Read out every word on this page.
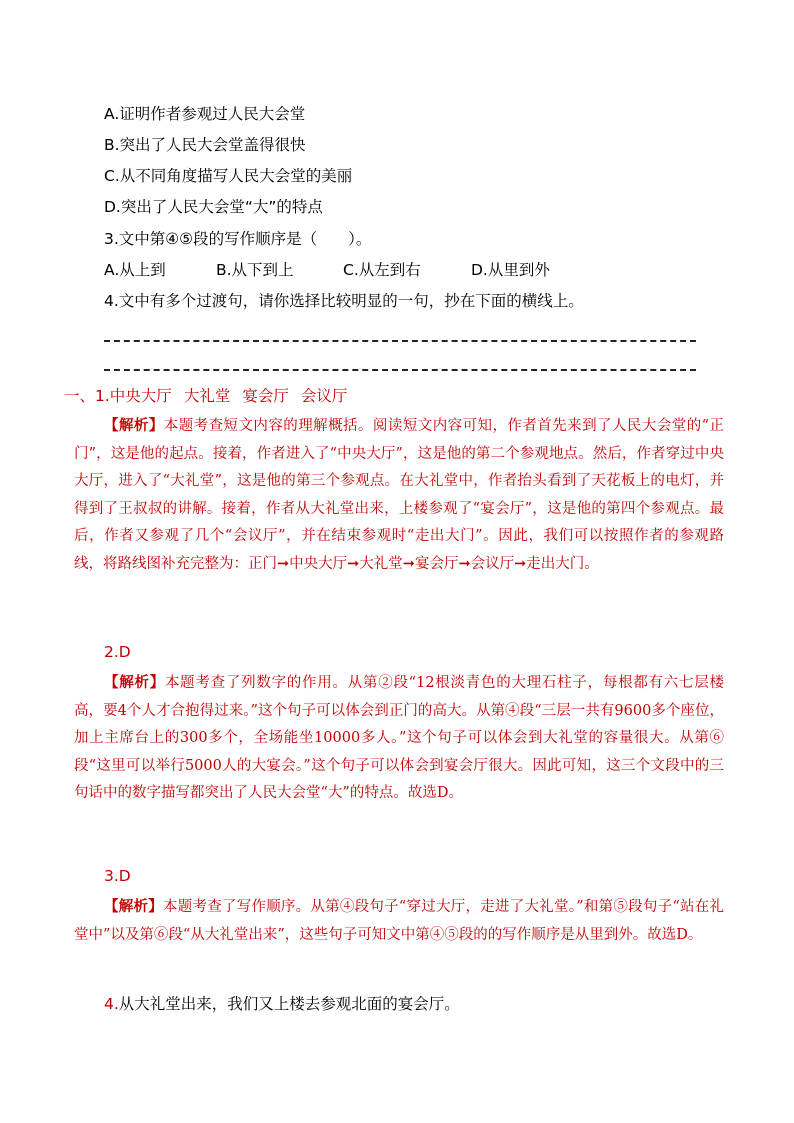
A.证明作者参观过人民大会堂
B.突出了人民大会堂盖得很快
C.从不同角度描写人民大会堂的美丽
D.突出了人民大会堂“大”的特点
3.文中第④⑤段的写作顺序是（　　）。
A.从上到	B.从下到上	C.从左到右	D.从里到外
4.文中有多个过渡句，请你选择比较明显的一句，抄在下面的横线上。
一、1.中央大厅 大礼堂 宴会厅 会议厅
【解析】本题考查短文内容的理解概括。阅读短文内容可知，作者首先来到了人民大会堂的“正门”，这是他的起点。接着，作者进入了“中央大厅”，这是他的第二个参观地点。然后，作者穿过中央大厅，进入了“大礼堂”，这是他的第三个参观点。在大礼堂中，作者抬头看到了天花板上的电灯，并得到了王叔叔的讲解。接着，作者从大礼堂出来，上楼参观了“宴会厅”，这是他的第四个参观点。最后，作者又参观了几个“会议厅”，并在结束参观时“走出大门”。因此，我们可以按照作者的参观路线，将路线图补充完整为：正门➞中央大厅➞大礼堂➞宴会厅➞会议厅➞走出大门。
2.D
【解析】本题考查了列数字的作用。从第②段“12根淡青色的大理石柱子，每根都有六七层楼高，要4个人才合抱得过来。”这个句子可以体会到正门的高大。从第④段“三层一共有9600多个座位，加上主席台上的300多个，全场能坐10000多人。”这个句子可以体会到大礼堂的容量很大。从第⑥段“这里可以举行5000人的大宴会。”这个句子可以体会到宴会厅很大。因此可知，这三个文段中的三句话中的数字描写都突出了人民大会堂“大”的特点。故选D。
3.D
【解析】本题考查了写作顺序。从第④段句子“穿过大厅，走进了大礼堂。”和第⑤段句子“站在礼堂中”以及第⑥段“从大礼堂出来”，这些句子可知文中第④⑤段的的写作顺序是从里到外。故选D。
4.从大礼堂出来，我们又上楼去参观北面的宴会厅。
